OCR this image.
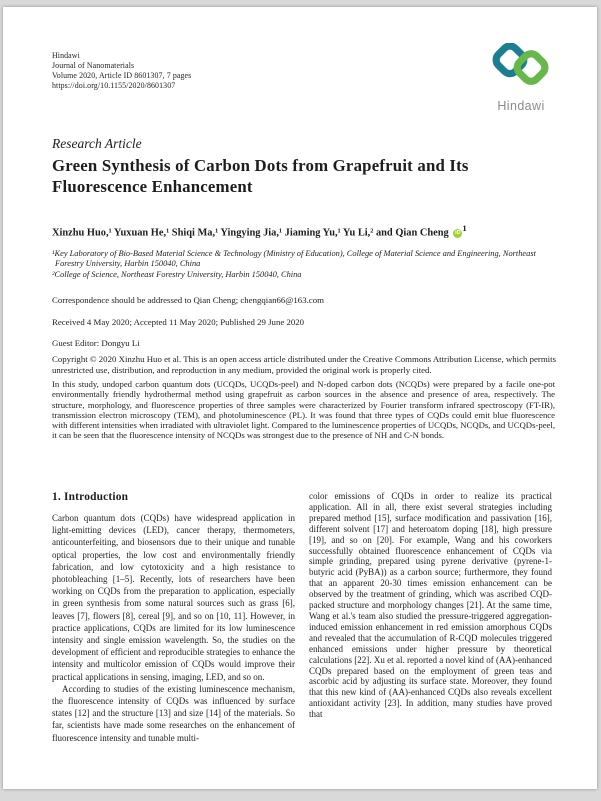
Hindawi
Journal of Nanomaterials
Volume 2020, Article ID 8601307, 7 pages
https://doi.org/10.1155/2020/8601307
Hindawi
Research Article
Green Synthesis of Carbon Dots from Grapefruit and Its Fluorescence Enhancement
Xinzhu Huo,¹ Yuxuan He,¹ Shiqi Ma,¹ Yingying Jia,¹ Jiaming Yu,¹ Yu Li,² and Qian Cheng $iD^1$
¹Key Laboratory of Bio-Based Material Science & Technology (Ministry of Education), College of Material Science and Engineering, Northeast Forestry University, Harbin 150040, China
²College of Science, Northeast Forestry University, Harbin 150040, China
Correspondence should be addressed to Qian Cheng; chengqian66@163.com
Received 4 May 2020; Accepted 11 May 2020; Published 29 June 2020
Guest Editor: Dongyu Li
Copyright © 2020 Xinzhu Huo et al. This is an open access article distributed under the Creative Commons Attribution License, which permits unrestricted use, distribution, and reproduction in any medium, provided the original work is properly cited.
In this study, undoped carbon quantum dots (UCQDs, UCQDs-peel) and N-doped carbon dots (NCQDs) were prepared by a facile one-pot environmentally friendly hydrothermal method using grapefruit as carbon sources in the absence and presence of area, respectively. The structure, morphology, and fluorescence properties of three samples were characterized by Fourier transform infrared spectroscopy (FT-IR), transmission electron microscopy (TEM), and photoluminescence (PL). It was found that three types of CQDs could emit blue fluorescence with different intensities when irradiated with ultraviolet light. Compared to the luminescence properties of UCQDs, NCQDs, and UCQDs-peel, it can be seen that the fluorescence intensity of NCQDs was strongest due to the presence of NH and C-N bonds.
1. Introduction

Carbon quantum dots (CQDs) have widespread application in light-emitting devices (LED), cancer therapy, thermometers, anticounterfeiting, and biosensors due to their unique and tunable optical properties, the low cost and environmentally friendly fabrication, and low cytotoxicity and a high resistance to photobleaching [1–5]. Recently, lots of researchers have been working on CQDs from the preparation to application, especially in green synthesis from some natural sources such as grass [6], leaves [7], flowers [8], cereal [9], and so on [10, 11]. However, in practice applications, CQDs are limited for its low luminescence intensity and single emission wavelength. So, the studies on the development of efficient and reproducible strategies to enhance the intensity and multicolor emission of CQDs would improve their practical applications in sensing, imaging, LED, and so on.

According to studies of the existing luminescence mechanism, the fluorescence intensity of CQDs was influenced by surface states [12] and the structure [13] and size [14] of the materials. So far, scientists have made some researches on the enhancement of fluorescence intensity and tunable multi-

color emissions of CQDs in order to realize its practical application. All in all, there exist several strategies including prepared method [15], surface modification and passivation [16], different solvent [17] and heteroatom doping [18], high pressure [19], and so on [20]. For example, Wang and his coworkers successfully obtained fluorescence enhancement of CQDs via simple grinding, prepared using pyrene derivative (pyrene-1-butyric acid (PyBA)) as a carbon source; furthermore, they found that an apparent 20-30 times emission enhancement can be observed by the treatment of grinding, which was ascribed CQD-packed structure and morphology changes [21]. At the same time, Wang et al.'s team also studied the pressure-triggered aggregation-induced emission enhancement in red emission amorphous CQDs and revealed that the accumulation of R-CQD molecules triggered enhanced emissions under higher pressure by theoretical calculations [22]. Xu et al. reported a novel kind of (AA)-enhanced CQDs prepared based on the employment of green teas and ascorbic acid by adjusting its surface state. Moreover, they found that this new kind of (AA)-enhanced CQDs also reveals excellent antioxidant activity [23]. In addition, many studies have proved that
